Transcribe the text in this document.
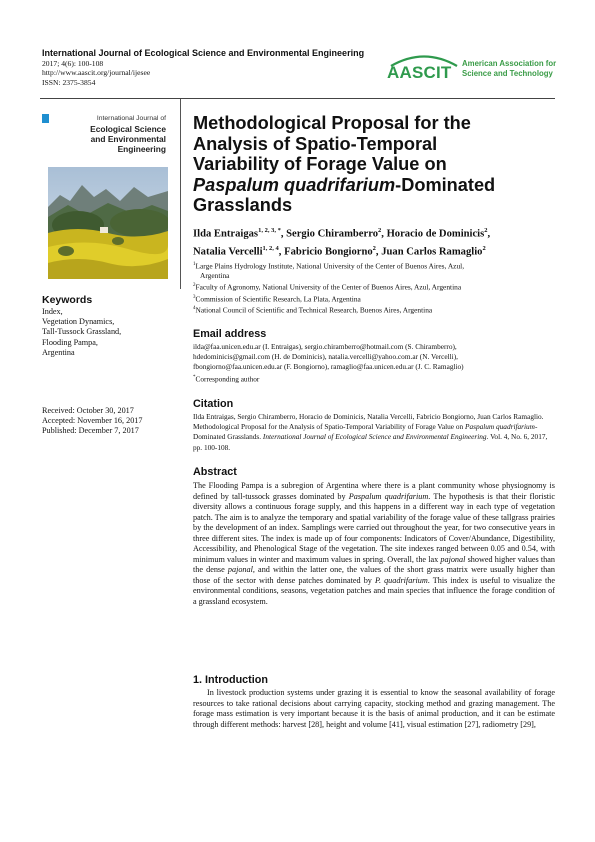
International Journal of Ecological Science and Environmental Engineering
2017; 4(6): 100-108
http://www.aascit.org/journal/ijesee
ISSN: 2375-3854
AASCIT American Association for
Science and Technology
International Journal of
Ecological Science
and Environmental
Engineering
Keywords
Index,
Vegetation Dynamics,
Tall-Tussock Grassland,
Flooding Pampa,
Argentina
Received: October 30, 2017
Accepted: November 16, 2017
Published: December 7, 2017
Methodological Proposal for the
Analysis of Spatio-Temporal
Variability of Forage Value on
Paspalum quadrifarium-Dominated
Grasslands
Ilda Entraigas$^{1, 2, 3, *}$, Sergio Chiramberro$^2$, Horacio de Dominicis$^2$,
Natalia Vercelli$^{1, 2, 4}$, Fabricio Bongiorno$^2$, Juan Carlos Ramaglio$^2$
$^1$Large Plains Hydrology Institute, National University of the Center of Buenos Aires, Azul,
Argentina
$^2$Faculty of Agronomy, National University of the Center of Buenos Aires, Azul, Argentina
$^3$Commission of Scientific Research, La Plata, Argentina
$^4$National Council of Scientific and Technical Research, Buenos Aires, Argentina
Email address
ilda@faa.unicen.edu.ar (I. Entraigas), sergio.chiramberro@hotmail.com (S. Chiramberro),
hdedominicis@gmail.com (H. de Dominicis), natalia.vercelli@yahoo.com.ar (N. Vercelli),
fbongiorno@faa.unicen.edu.ar (F. Bongiorno), ramaglio@faa.unicen.edu.ar (J. C. Ramaglio)
*Corresponding author
Citation
Ilda Entraigas, Sergio Chiramberro, Horacio de Dominicis, Natalia Vercelli, Fabricio Bongiorno, Juan Carlos Ramaglio. Methodological Proposal for the Analysis of Spatio-Temporal Variability of Forage Value on Paspalum quadrifarium-Dominated Grasslands. International Journal of Ecological Science and Environmental Engineering. Vol. 4, No. 6, 2017, pp. 100-108.
Abstract
The Flooding Pampa is a subregion of Argentina where there is a plant community whose physiognomy is defined by tall-tussock grasses dominated by Paspalum quadrifarium. The hypothesis is that their floristic diversity allows a continuous forage supply, and this happens in a different way in each type of vegetation patch. The aim is to analyze the temporary and spatial variability of the forage value of these tallgrass prairies by the development of an index. Samplings were carried out throughout the year, for two consecutive years in three different sites. The index is made up of four components: Indicators of Cover/Abundance, Digestibility, Accessibility, and Phenological Stage of the vegetation. The site indexes ranged between 0.05 and 0.54, with minimum values in winter and maximum values in spring. Overall, the lax pajonal showed higher values than the dense pajonal, and within the latter one, the values of the short grass matrix were usually higher than those of the sector with dense patches dominated by P. quadrifarium. This index is useful to visualize the environmental conditions, seasons, vegetation patches and main species that influence the forage condition of a grassland ecosystem.
1. Introduction
In livestock production systems under grazing it is essential to know the seasonal availability of forage resources to take rational decisions about carrying capacity, stocking method and grazing management. The forage mass estimation is very important because it is the basis of animal production, and it can be estimate through different methods: harvest [28], height and volume [41], visual estimation [27], radiometry [29],
